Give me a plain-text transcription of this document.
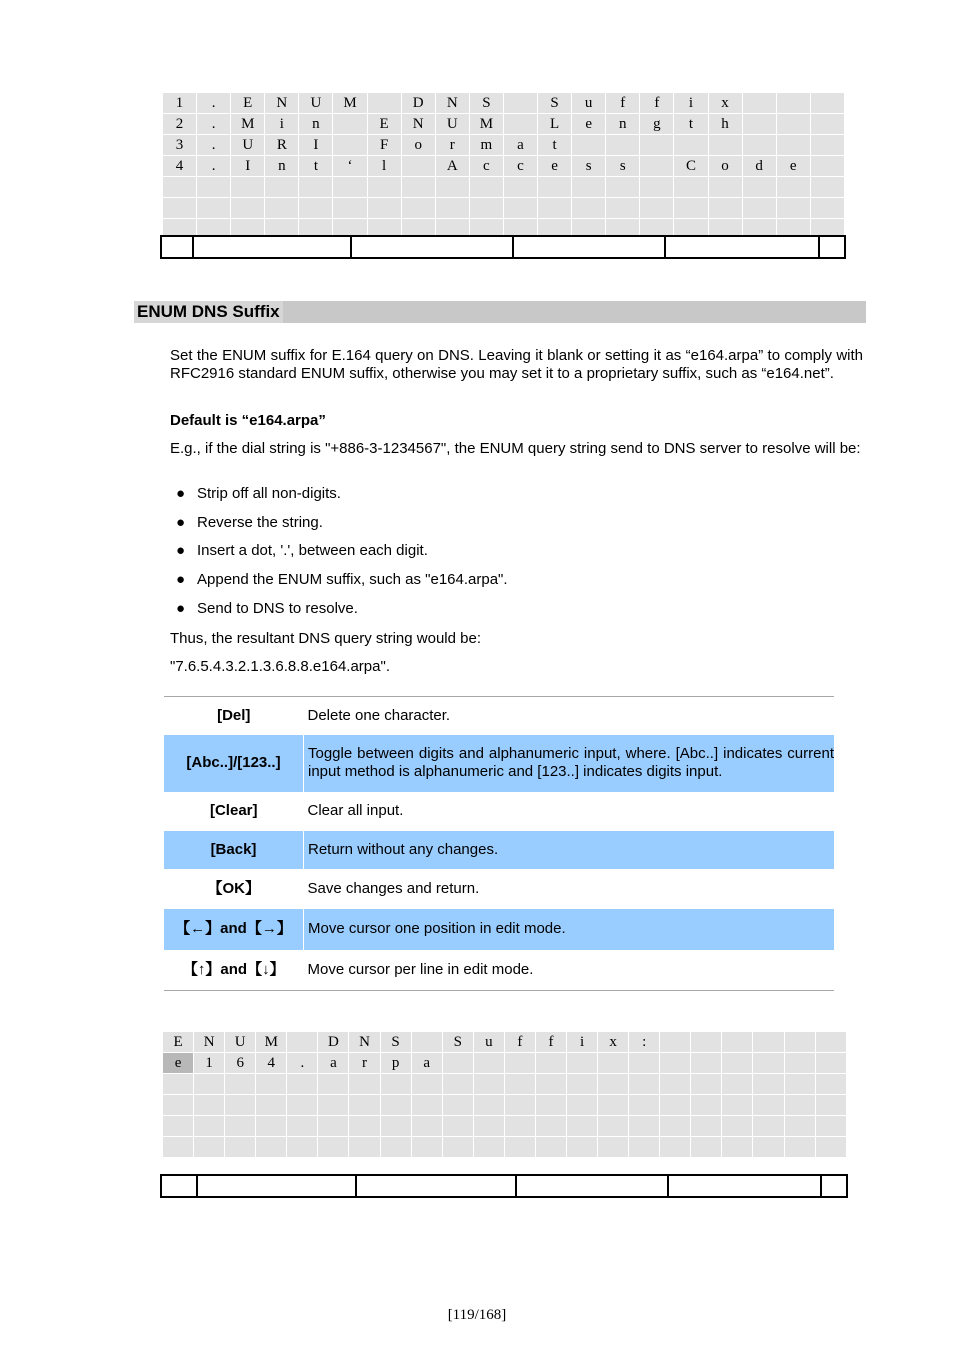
1	.	E	N	U	M		D	N	S		S	u	f	f	i	x			
2	.	M	i	n		E	N	U	M		L	e	n	g	t	h			
3	.	U	R	I		F	o	r	m	a	t								
4	.	I	n	t	‘	l		A	c	c	e	s	s		C	o	d	e	

ENUM DNS Suffix
Set the ENUM suffix for E.164 query on DNS. Leaving it blank or setting it as “e164.arpa” to comply with RFC2916 standard ENUM suffix, otherwise you may set it to a proprietary suffix, such as “e164.net”.
Default is “e164.arpa”
E.g., if the dial string is "+886-3-1234567", the ENUM query string send to DNS server to resolve will be:
● Strip off all non-digits.
● Reverse the string.
● Insert a dot, '.', between each digit.
● Append the ENUM suffix, such as "e164.arpa".
● Send to DNS to resolve.
Thus, the resultant DNS query string would be:
"7.6.5.4.3.2.1.3.6.8.8.e164.arpa".
[Del]	Delete one character.
[Abc..]/[123..]	Toggle between digits and alphanumeric input, where. [Abc..] indicates current input method is alphanumeric and [123..] indicates digits input.
[Clear]	Clear all input.
[Back]	Return without any changes.
【OK】	Save changes and return.
【←】and【→】	Move cursor one position in edit mode.
【↑】and【↓】	Move cursor per line in edit mode.
E	N	U	M		D	N	S		S	u	f	f	i	x	:						
e	1	6	4	.	a	r	p	a													

[119/168]
